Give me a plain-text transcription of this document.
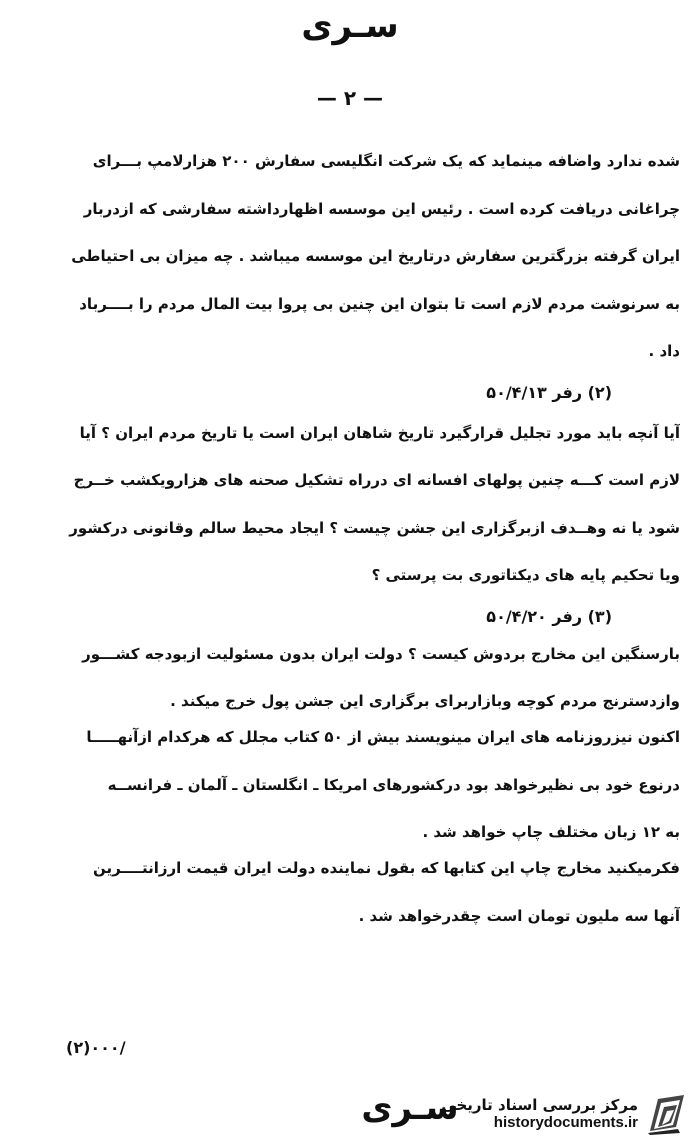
سـرى
— ۲ —
شده ندارد واضافه مینماید که یک شرکت انگلیسی سفارش ۲۰۰ هزارلامپ بـــرای
چراغانی دریافت کرده است . رئیس این موسسه اظهارداشته سفارشی که ازدربار
ایران گرفته بزرگترین سفارش درتاریخ این موسسه میباشد . چه میزان بی احتیاطی
به سرنوشت مردم لازم است تا بتوان این چنین بی پروا بیت المال مردم را بــــرباد
داد .
(۲) رفر ۵۰/۴/۱۳
آیا آنچه باید مورد تجلیل قرارگیرد تاریخ شاهان ایران است یا تاریخ مردم ایران ؟ آیا
لازم است کـــه چنین پولهای افسانه ای درراه تشکیل صحنه های هزارویکشب خــرج
شود یا نه وهــدف ازبرگزاری این جشن چیست ؟ ایجاد محیط سالم وقانونی درکشور
ویا تحکیم پایه های دیکتاتوری بت پرستی ؟
(۳) رفر ۵۰/۴/۲۰
بارسنگین این مخارج بردوش کیست ؟ دولت ایران بدون مسئولیت ازبودجه کشـــور
وازدسترنج مردم کوچه وبازاربرای برگزاری این جشن پول خرج میکند .
اکنون نیزروزنامه های ایران مینویسند بیش از ۵۰ کتاب مجلل که هرکدام ازآنهـــــا
درنوع خود بی نظیرخواهد بود درکشورهای امریکا ـ انگلستان ـ آلمان ـ فرانســه
به ۱۲ زبان مختلف چاپ خواهد شد .
فکرمیکنید مخارج چاپ این کتابها که بقول نماینده دولت ایران قیمت ارزانتــــرین
آنها سه ملیون تومان است چقدرخواهد شد .
(۲)۰۰۰/
سـرى
مرکز بررسی اسناد تاریخی
historydocuments.ir
